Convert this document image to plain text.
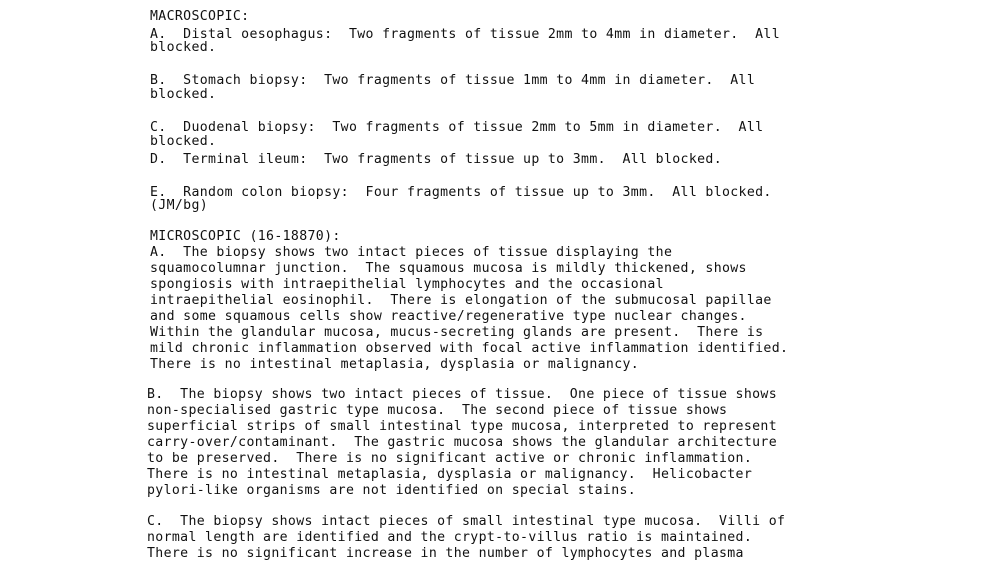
MACROSCOPIC:
A.  Distal oesophagus:  Two fragments of tissue 2mm to 4mm in diameter.  All
blocked.
B.  Stomach biopsy:  Two fragments of tissue 1mm to 4mm in diameter.  All
blocked.
C.  Duodenal biopsy:  Two fragments of tissue 2mm to 5mm in diameter.  All
blocked.
D.  Terminal ileum:  Two fragments of tissue up to 3mm.  All blocked.
E.  Random colon biopsy:  Four fragments of tissue up to 3mm.  All blocked.
(JM/bg)
MICROSCOPIC (16-18870):
A.  The biopsy shows two intact pieces of tissue displaying the
squamocolumnar junction.  The squamous mucosa is mildly thickened, shows
spongiosis with intraepithelial lymphocytes and the occasional
intraepithelial eosinophil.  There is elongation of the submucosal papillae
and some squamous cells show reactive/regenerative type nuclear changes.
Within the glandular mucosa, mucus-secreting glands are present.  There is
mild chronic inflammation observed with focal active inflammation identified.
There is no intestinal metaplasia, dysplasia or malignancy.
B.  The biopsy shows two intact pieces of tissue.  One piece of tissue shows
non-specialised gastric type mucosa.  The second piece of tissue shows
superficial strips of small intestinal type mucosa, interpreted to represent
carry-over/contaminant.  The gastric mucosa shows the glandular architecture
to be preserved.  There is no significant active or chronic inflammation.
There is no intestinal metaplasia, dysplasia or malignancy.  Helicobacter
pylori-like organisms are not identified on special stains.
C.  The biopsy shows intact pieces of small intestinal type mucosa.  Villi of
normal length are identified and the crypt-to-villus ratio is maintained.
There is no significant increase in the number of lymphocytes and plasma
